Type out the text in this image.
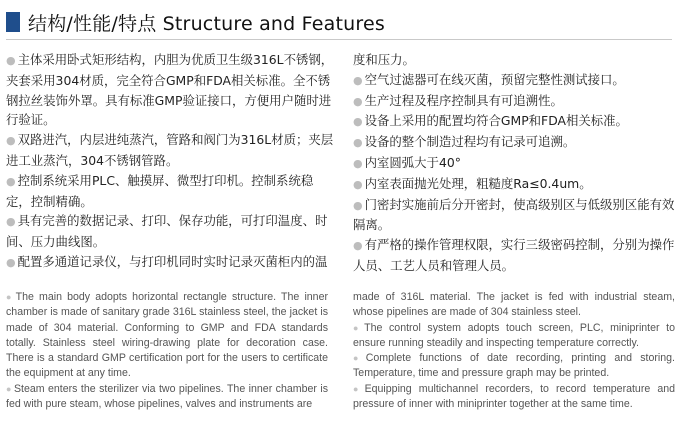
结构/性能/特点 Structure and Features

● 主体采用卧式矩形结构，内胆为优质卫生级316L不锈钢，夹套采用304材质，完全符合GMP和FDA相关标准。全不锈钢拉丝装饰外罩。具有标准GMP验证接口，方便用户随时进行验证。

● 双路进汽，内层进纯蒸汽，管路和阀门为316L材质；夹层进工业蒸汽，304不锈钢管路。

● 控制系统采用PLC、触摸屏、微型打印机。控制系统稳定，控制精确。

● 具有完善的数据记录、打印、保存功能，可打印温度、时间、压力曲线图。

● 配置多通道记录仪，与打印机同时实时记录灭菌柜内的温

度和压力。

● 空气过滤器可在线灭菌，预留完整性测试接口。

● 生产过程及程序控制具有可追溯性。

● 设备上采用的配置均符合GMP和FDA相关标准。

● 设备的整个制造过程均有记录可追溯。

● 内室圆弧大于40°

● 内室表面抛光处理，粗糙度Ra≤0.4um。

● 门密封实施前后分开密封，使高级别区与低级别区能有效隔离。

● 有严格的操作管理权限，实行三级密码控制，分别为操作人员、工艺人员和管理人员。

● The main body adopts horizontal rectangle structure. The inner chamber is made of sanitary grade 316L stainless steel, the jacket is made of 304 material. Conforming to GMP and FDA standards totally. Stainless steel wiring-drawing plate for decoration case. There is a standard GMP certification port for the users to certificate the equipment at any time.

● Steam enters the sterilizer via two pipelines. The inner chamber is fed with pure steam, whose pipelines, valves and instruments are

made of 316L material. The jacket is fed with industrial steam, whose pipelines are made of 304 stainless steel.

● The control system adopts touch screen, PLC, miniprinter to ensure running steadily and inspecting temperature correctly.

● Complete functions of date recording, printing and storing. Temperature, time and pressure graph may be printed.

● Equipping multichannel recorders, to record temperature and pressure of inner with miniprinter together at the same time.
